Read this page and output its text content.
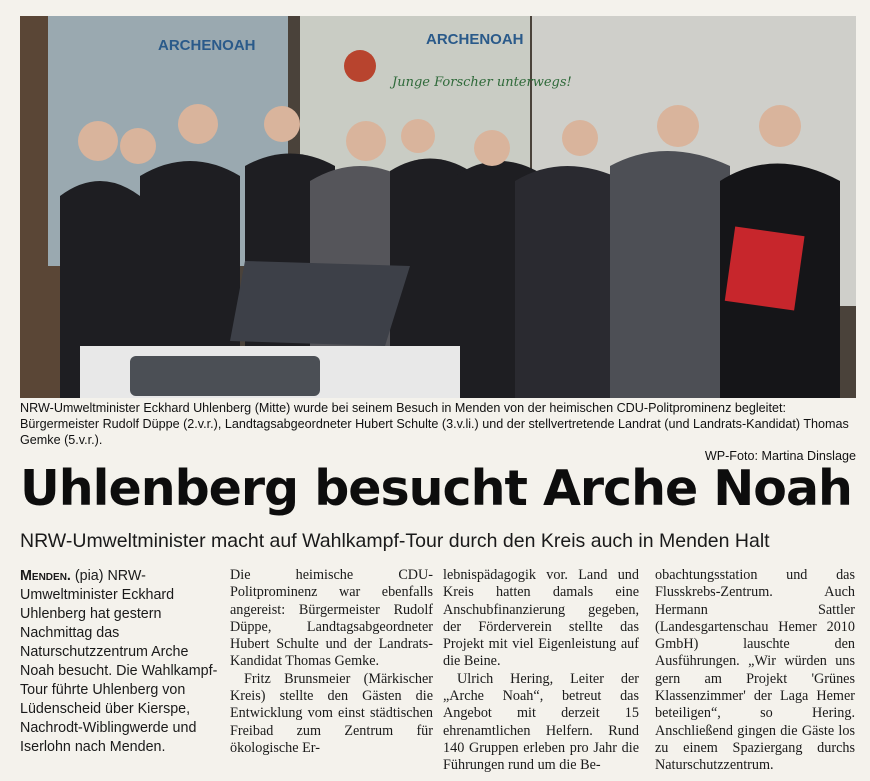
ARCHENOAH	ARCHENOAH
Junge Forscher unterwegs!
NRW-Umweltminister Eckhard Uhlenberg (Mitte) wurde bei seinem Besuch in Menden von der heimischen CDU-Politprominenz begleitet: Bürgermeister Rudolf Düppe (2.v.r.), Landtagsabgeordneter Hubert Schulte (3.v.li.) und der stellvertretende Landrat (und Landrats-Kandidat) Thomas Gemke (5.v.r.).
WP-Foto: Martina Dinslage
Uhlenberg besucht Arche Noah
NRW-Umweltminister macht auf Wahlkampf-Tour durch den Kreis auch in Menden Halt

Menden. (pia) NRW-Umweltminister Eckhard Uhlenberg hat gestern Nachmittag das Naturschutzzentrum Arche Noah besucht. Die Wahlkampf-Tour führte Uhlenberg von Lüdenscheid über Kierspe, Nachrodt-Wiblingwerde und Iserlohn nach Menden.

Die heimische CDU-Politprominenz war ebenfalls angereist: Bürgermeister Rudolf Düppe, Landtagsabgeordneter Hubert Schulte und der Landrats-Kandidat Thomas Gemke.

Fritz Brunsmeier (Märkischer Kreis) stellte den Gästen die Entwicklung vom einst städtischen Freibad zum Zentrum für ökologische Er-

lebnispädagogik vor. Land und Kreis hatten damals eine Anschubfinanzierung gegeben, der Förderverein stellte das Projekt mit viel Eigenleistung auf die Beine.

Ulrich Hering, Leiter der „Arche Noah“, betreut das Angebot mit derzeit 15 ehrenamtlichen Helfern. Rund 140 Gruppen erleben pro Jahr die Führungen rund um die Be-

obachtungsstation und das Flusskrebs-Zentrum. Auch Hermann Sattler (Landesgartenschau Hemer 2010 GmbH) lauschte den Ausführungen. „Wir würden uns gern am Projekt 'Grünes Klassenzimmer' der Laga Hemer beteiligen“, so Hering. Anschließend gingen die Gäste los zu einem Spaziergang durchs Naturschutzzentrum.
